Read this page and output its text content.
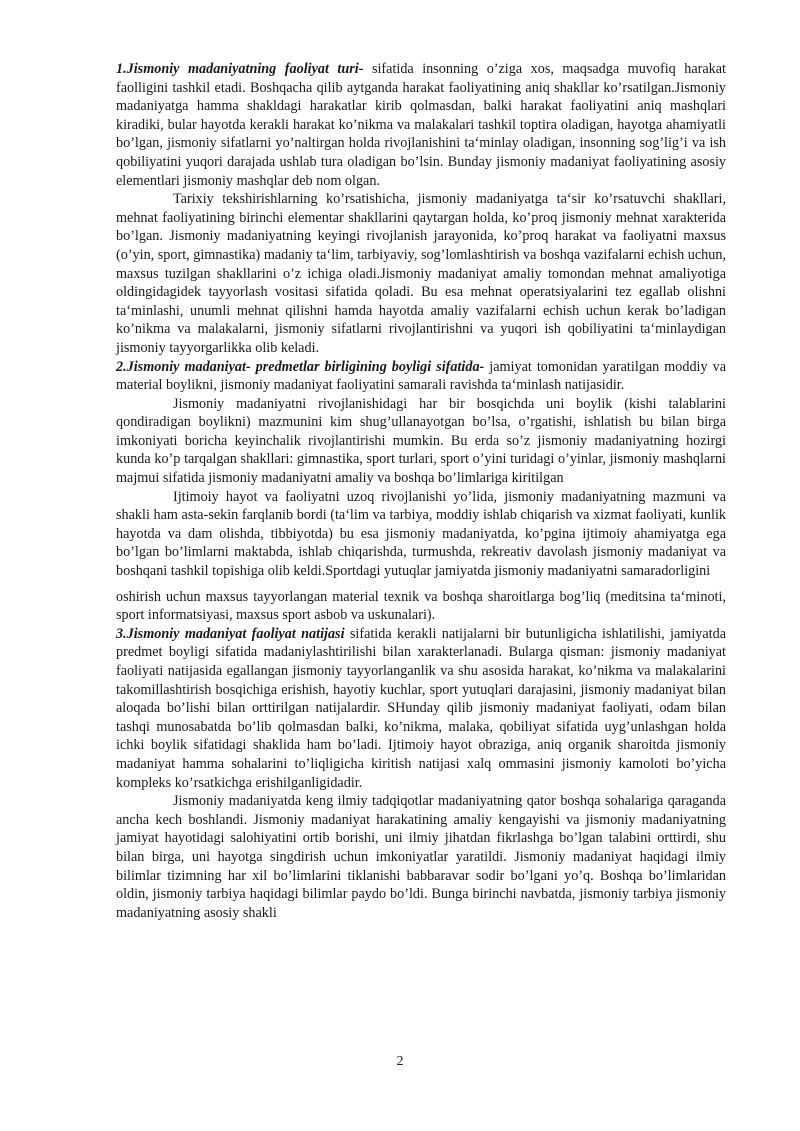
1.Jismoniy madaniyatning faoliyat turi- sifatida insonning o’ziga xos, maqsadga muvofiq harakat faolligini tashkil etadi. Boshqacha qilib aytganda harakat faoliyatining aniq shakllar ko’rsatilgan.Jismoniy madaniyatga hamma shakldagi harakatlar kirib qolmasdan, balki harakat faoliyatini aniq mashqlari kiradiki, bular hayotda kerakli harakat ko’nikma va malakalari tashkil toptira oladigan, hayotga ahamiyatli bo’lgan, jismoniy sifatlarni yo’naltirgan holda rivojlanishini ta‘minlay oladigan, insonning sog’lig’i va ish qobiliyatini yuqori darajada ushlab tura oladigan bo’lsin. Bunday jismoniy madaniyat faoliyatining asosiy elementlari jismoniy mashqlar deb nom olgan.

Tarixiy tekshirishlarning ko’rsatishicha, jismoniy madaniyatga ta‘sir ko’rsatuvchi shakllari, mehnat faoliyatining birinchi elementar shakllarini qaytargan holda, ko’proq jismoniy mehnat xarakterida bo’lgan. Jismoniy madaniyatning keyingi rivojlanish jarayonida, ko’proq harakat va faoliyatni maxsus (o’yin, sport, gimnastika) madaniy ta‘lim, tarbiyaviy, sog’lomlashtirish va boshqa vazifalarni echish uchun, maxsus tuzilgan shakllarini o’z ichiga oladi.Jismoniy madaniyat amaliy tomondan mehnat amaliyotiga oldingidagidek tayyorlash vositasi sifatida qoladi. Bu esa mehnat operatsiyalarini tez egallab olishni ta‘minlashi, unumli mehnat qilishni hamda hayotda amaliy vazifalarni echish uchun kerak bo’ladigan ko’nikma va malakalarni, jismoniy sifatlarni rivojlantirishni va yuqori ish qobiliyatini ta‘minlaydigan jismoniy tayyorgarlikka olib keladi.

2.Jismoniy madaniyat- predmetlar birligining boyligi sifatida- jamiyat tomonidan yaratilgan moddiy va material boylikni, jismoniy madaniyat faoliyatini samarali ravishda ta‘minlash natijasidir.

Jismoniy madaniyatni rivojlanishidagi har bir bosqichda uni boylik (kishi talablarini qondiradigan boylikni) mazmunini kim shug’ullanayotgan bo’lsa, o’rgatishi, ishlatish bu bilan birga imkoniyati boricha keyinchalik rivojlantirishi mumkin. Bu erda so’z jismoniy madaniyatning hozirgi kunda ko’p tarqalgan shakllari: gimnastika, sport turlari, sport o’yini turidagi o’yinlar, jismoniy mashqlarni majmui sifatida jismoniy madaniyatni amaliy va boshqa bo’limlariga kiritilgan

Ijtimoiy hayot va faoliyatni uzoq rivojlanishi yo’lida, jismoniy madaniyatning mazmuni va shakli ham asta-sekin farqlanib bordi (ta‘lim va tarbiya, moddiy ishlab chiqarish va xizmat faoliyati, kunlik hayotda va dam olishda, tibbiyotda) bu esa jismoniy madaniyatda, ko’pgina ijtimoiy ahamiyatga ega bo’lgan bo’limlarni maktabda, ishlab chiqarishda, turmushda, rekreativ davolash jismoniy madaniyat va boshqani tashkil topishiga olib keldi.Sportdagi yutuqlar jamiyatda jismoniy madaniyatni samaradorligini

oshirish uchun maxsus tayyorlangan material texnik va boshqa sharoitlarga bog’liq (meditsina ta‘minoti, sport informatsiyasi, maxsus sport asbob va uskunalari).

3.Jismoniy madaniyat faoliyat natijasi sifatida kerakli natijalarni bir butunligicha ishlatilishi, jamiyatda predmet boyligi sifatida madaniylashtirilishi bilan xarakterlanadi. Bularga qisman: jismoniy madaniyat faoliyati natijasida egallangan jismoniy tayyorlanganlik va shu asosida harakat, ko’nikma va malakalarini takomillashtirish bosqichiga erishish, hayotiy kuchlar, sport yutuqlari darajasini, jismoniy madaniyat bilan aloqada bo’lishi bilan orttirilgan natijalardir. SHunday qilib jismoniy madaniyat faoliyati, odam bilan tashqi munosabatda bo’lib qolmasdan balki, ko’nikma, malaka, qobiliyat sifatida uyg’unlashgan holda ichki boylik sifatidagi shaklida ham bo’ladi. Ijtimoiy hayot obraziga, aniq organik sharoitda jismoniy madaniyat hamma sohalarini to’liqligicha kiritish natijasi xalq ommasini jismoniy kamoloti bo’yicha kompleks ko’rsatkichga erishilganligidadir.

Jismoniy madaniyatda keng ilmiy tadqiqotlar madaniyatning qator boshqa sohalariga qaraganda ancha kech boshlandi. Jismoniy madaniyat harakatining amaliy kengayishi va jismoniy madaniyatning jamiyat hayotidagi salohiyatini ortib borishi, uni ilmiy jihatdan fikrlashga bo’lgan talabini orttirdi, shu bilan birga, uni hayotga singdirish uchun imkoniyatlar yaratildi. Jismoniy madaniyat haqidagi ilmiy bilimlar tizimning har xil bo’limlarini tiklanishi babbaravar sodir bo’lgani yo’q. Boshqa bo’limlaridan oldin, jismoniy tarbiya haqidagi bilimlar paydo bo’ldi. Bunga birinchi navbatda, jismoniy tarbiya jismoniy madaniyatning asosiy shakli

2
